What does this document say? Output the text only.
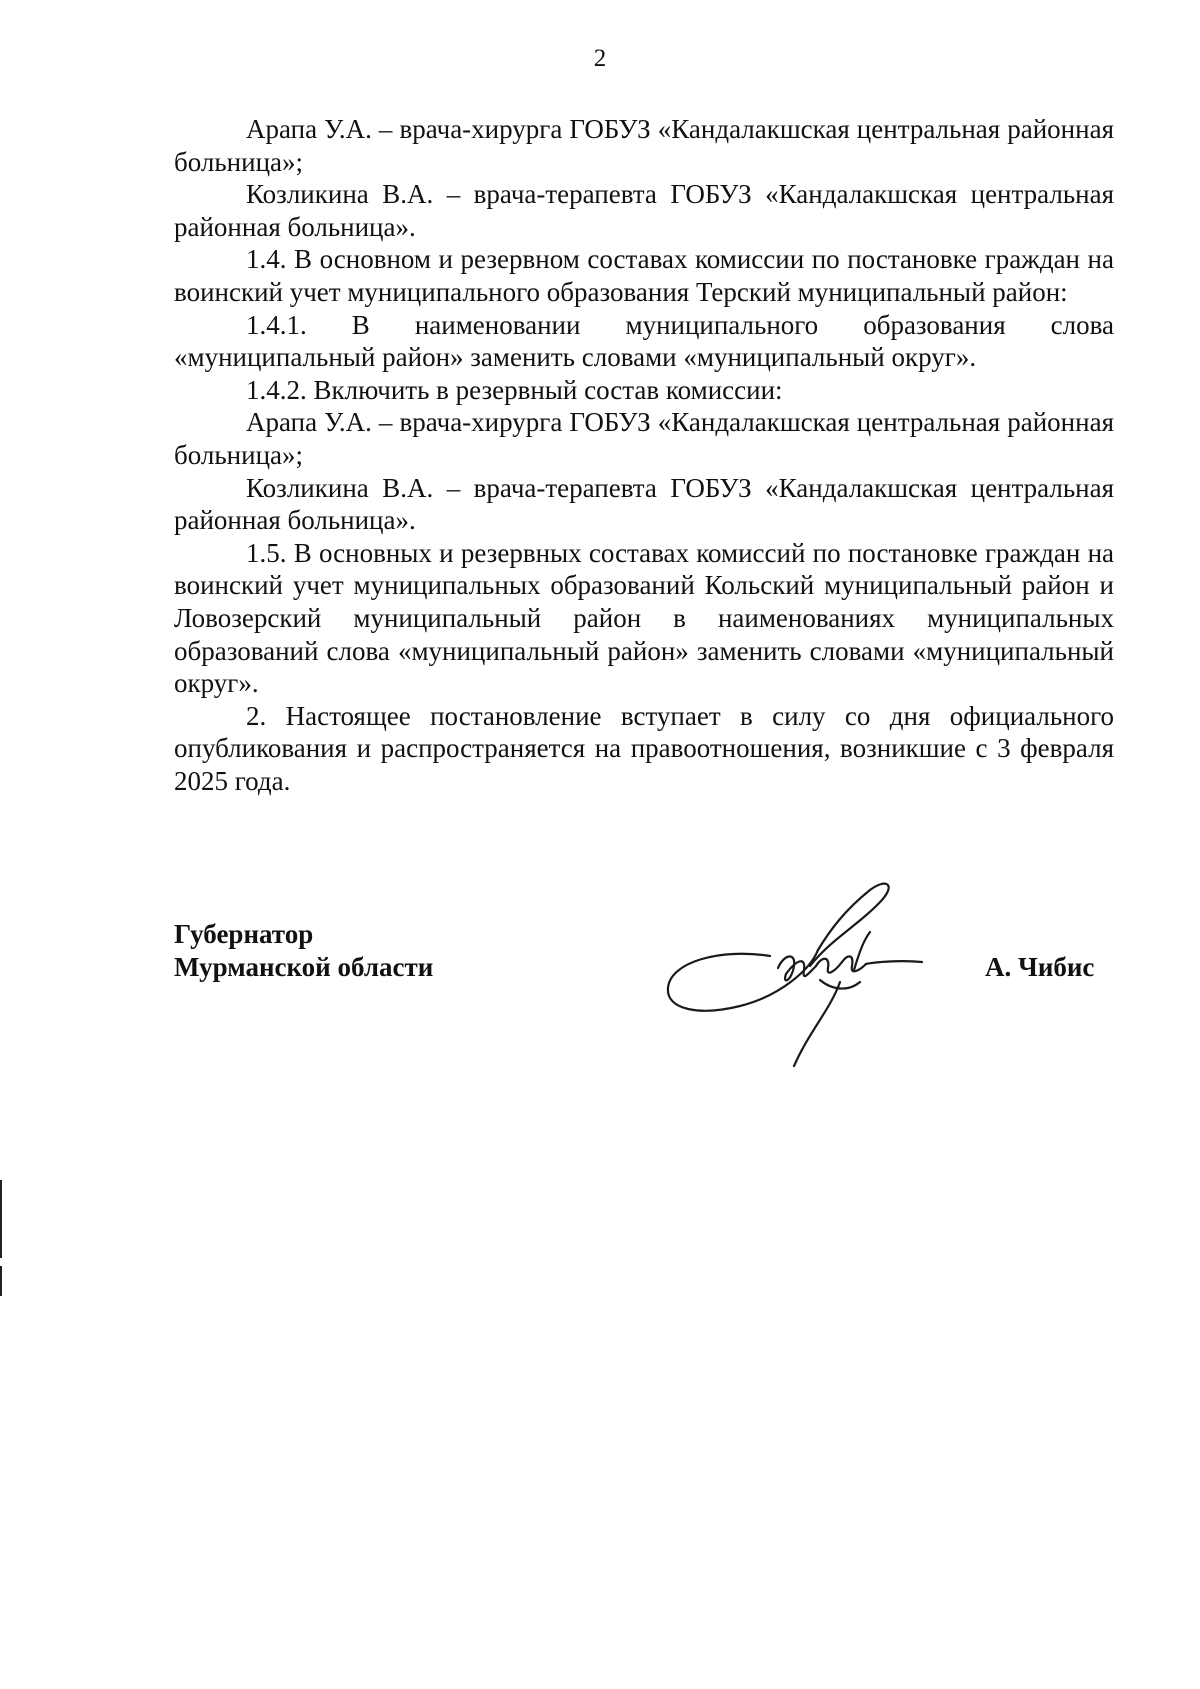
2

Арапа У.А. – врача-хирурга ГОБУЗ «Кандалакшская центральная районная больница»;

Козликина В.А. – врача-терапевта ГОБУЗ «Кандалакшская центральная районная больница».

1.4. В основном и резервном составах комиссии по постановке граждан на воинский учет муниципального образования Терский муниципальный район:

1.4.1. В наименовании муниципального образования слова «муниципальный район» заменить словами «муниципальный округ».

1.4.2. Включить в резервный состав комиссии:

Арапа У.А. – врача-хирурга ГОБУЗ «Кандалакшская центральная районная больница»;

Козликина В.А. – врача-терапевта ГОБУЗ «Кандалакшская центральная районная больница».

1.5. В основных и резервных составах комиссий по постановке граждан на воинский учет муниципальных образований Кольский муниципальный район и Ловозерский муниципальный район в наименованиях муниципальных образований слова «муниципальный район» заменить словами «муниципальный округ».

2. Настоящее постановление вступает в силу со дня официального опубликования и распространяется на правоотношения, возникшие с 3 февраля 2025 года.

Губернатор
Мурманской области	А. Чибис
